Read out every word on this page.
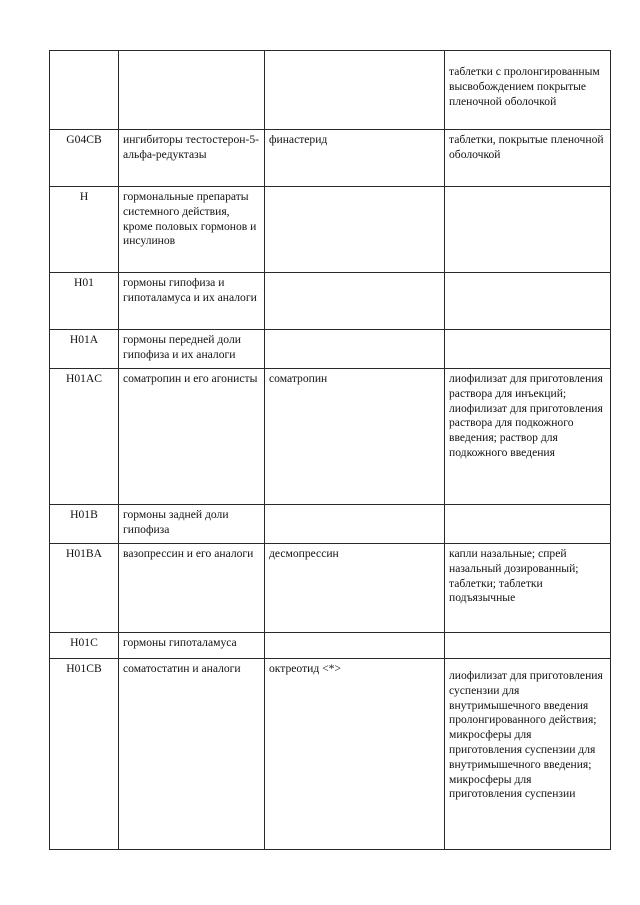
			таблетки с пролонгированным высвобождением покрытые пленочной оболочкой
G04CB	ингибиторы тестостерон-5-альфа-редуктазы	финастерид	таблетки, покрытые пленочной оболочкой
H	гормональные препараты системного действия, кроме половых гормонов и инсулинов		
H01	гормоны гипофиза и гипоталамуса и их аналоги		
H01A	гормоны передней доли гипофиза и их аналоги		
H01AC	соматропин и его агонисты	соматропин	лиофилизат для приготовления раствора для инъекций; лиофилизат для приготовления раствора для подкожного введения; раствор для подкожного введения
H01B	гормоны задней доли гипофиза		
H01BA	вазопрессин и его аналоги	десмопрессин	капли назальные; спрей назальный дозированный; таблетки; таблетки подъязычные
H01C	гормоны гипоталамуса		
H01CB	соматостатин и аналоги	октреотид <*>	лиофилизат для приготовления суспензии для внутримышечного введения пролонгированного действия; микросферы для приготовления суспензии для внутримышечного введения; микросферы для приготовления суспензии
